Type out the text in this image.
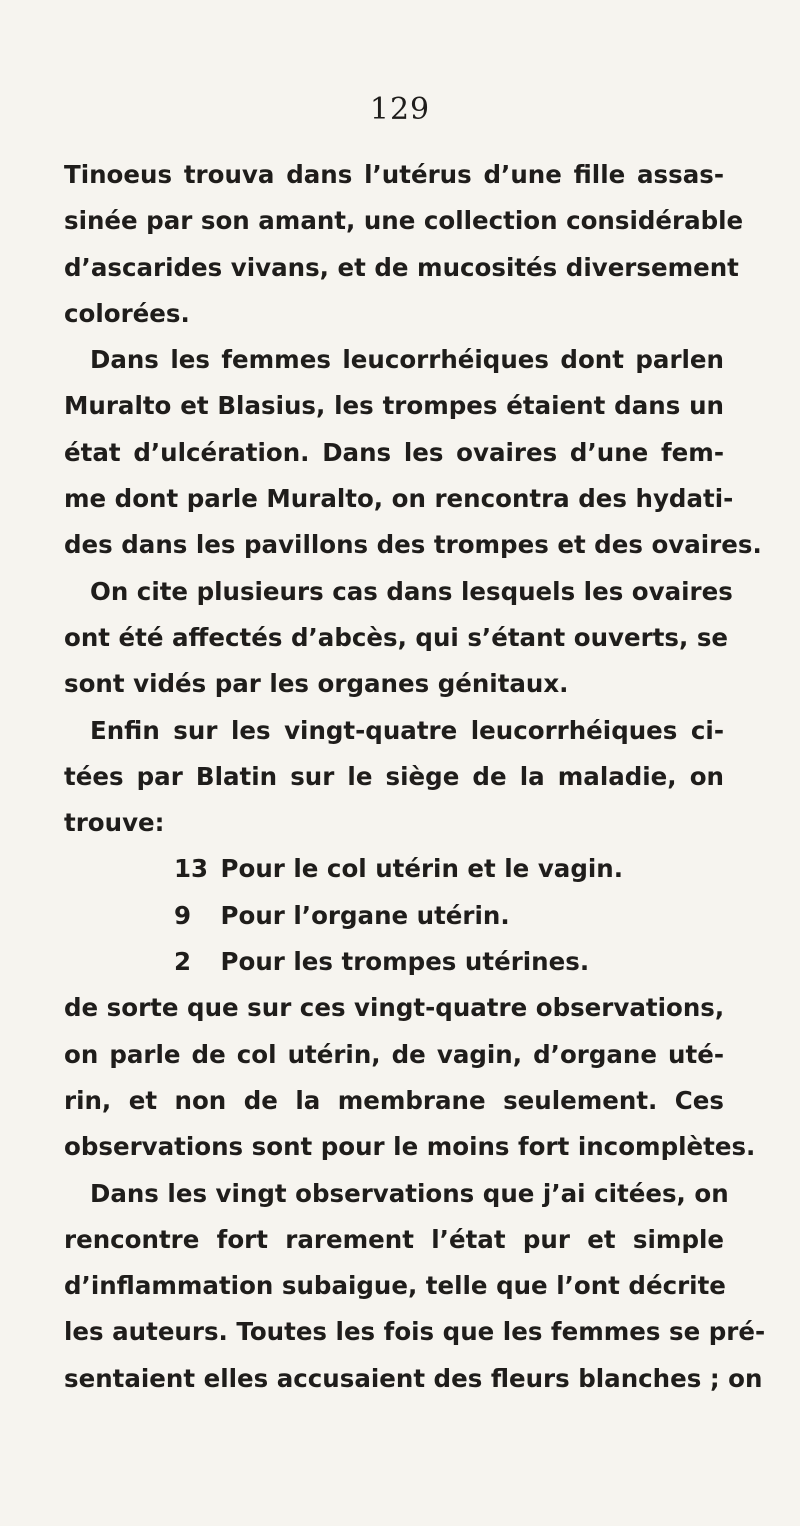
129
Tinoeus trouva dans l’utérus d’une fille assas-
sinée par son amant, une collection considérable
d’ascarides vivans, et de mucosités diversement
colorées.
Dans les femmes leucorrhéiques dont parlen
Muralto et Blasius, les trompes étaient dans un
état d’ulcération. Dans les ovaires d’une fem-
me dont parle Muralto, on rencontra des hydati-
des dans les pavillons des trompes et des ovaires.
On cite plusieurs cas dans lesquels les ovaires
ont été affectés d’abcès, qui s’étant ouverts, se
sont vidés par les organes génitaux.
Enfin sur les vingt-quatre leucorrhéiques ci-
tées par Blatin sur le siège de la maladie, on
trouve:
13 Pour le col utérin et le vagin.
9 Pour l’organe utérin.
2 Pour les trompes utérines.
de sorte que sur ces vingt-quatre observations,
on parle de col utérin, de vagin, d’organe uté-
rin, et non de la membrane seulement. Ces
observations sont pour le moins fort incomplètes.
Dans les vingt observations que j’ai citées, on
rencontre fort rarement l’état pur et simple
d’inflammation subaigue, telle que l’ont décrite
les auteurs. Toutes les fois que les femmes se pré-
sentaient elles accusaient des fleurs blanches ; on
